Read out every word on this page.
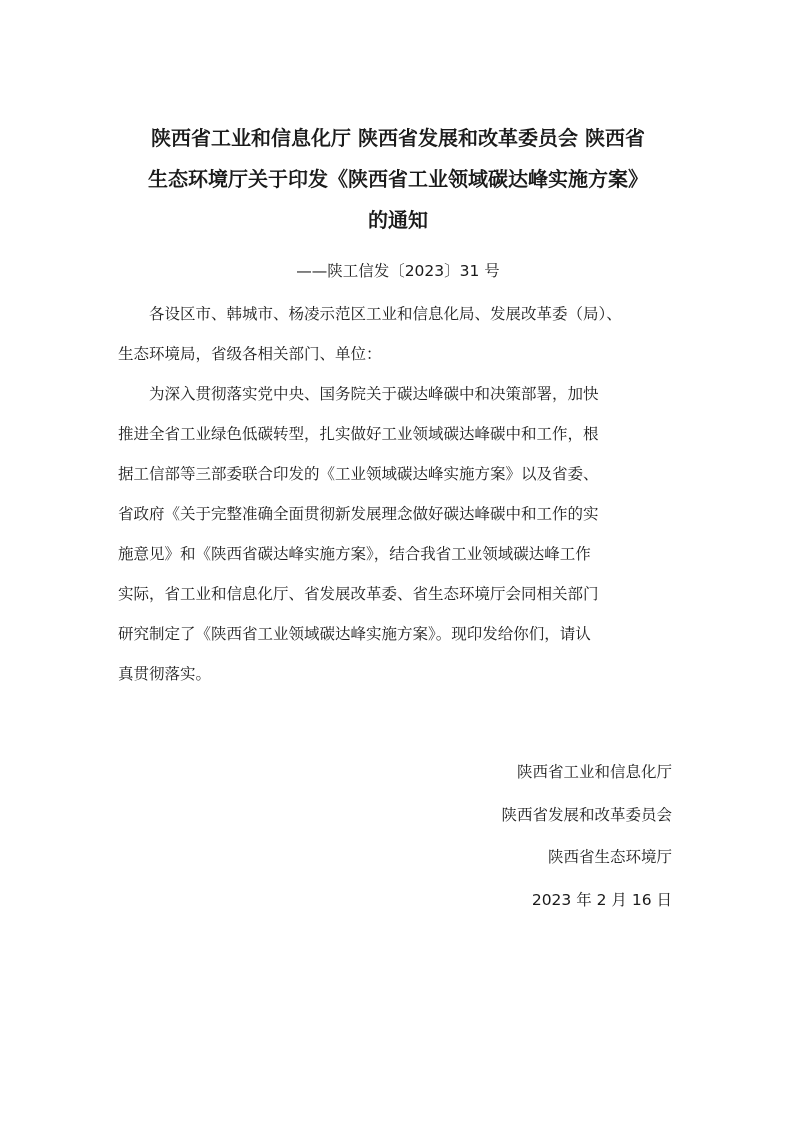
陕西省工业和信息化厅 陕西省发展和改革委员会 陕西省
生态环境厅关于印发《陕西省工业领域碳达峰实施方案》
的通知
——陕工信发〔2023〕31 号
各设区市、韩城市、杨凌示范区工业和信息化局、发展改革委（局）、
生态环境局，省级各相关部门、单位：
为深入贯彻落实党中央、国务院关于碳达峰碳中和决策部署，加快
推进全省工业绿色低碳转型，扎实做好工业领域碳达峰碳中和工作，根
据工信部等三部委联合印发的《工业领域碳达峰实施方案》以及省委、
省政府《关于完整准确全面贯彻新发展理念做好碳达峰碳中和工作的实
施意见》和《陕西省碳达峰实施方案》，结合我省工业领域碳达峰工作
实际，省工业和信息化厅、省发展改革委、省生态环境厅会同相关部门
研究制定了《陕西省工业领域碳达峰实施方案》。现印发给你们，请认
真贯彻落实。
陕西省工业和信息化厅
陕西省发展和改革委员会
陕西省生态环境厅
2023 年 2 月 16 日
